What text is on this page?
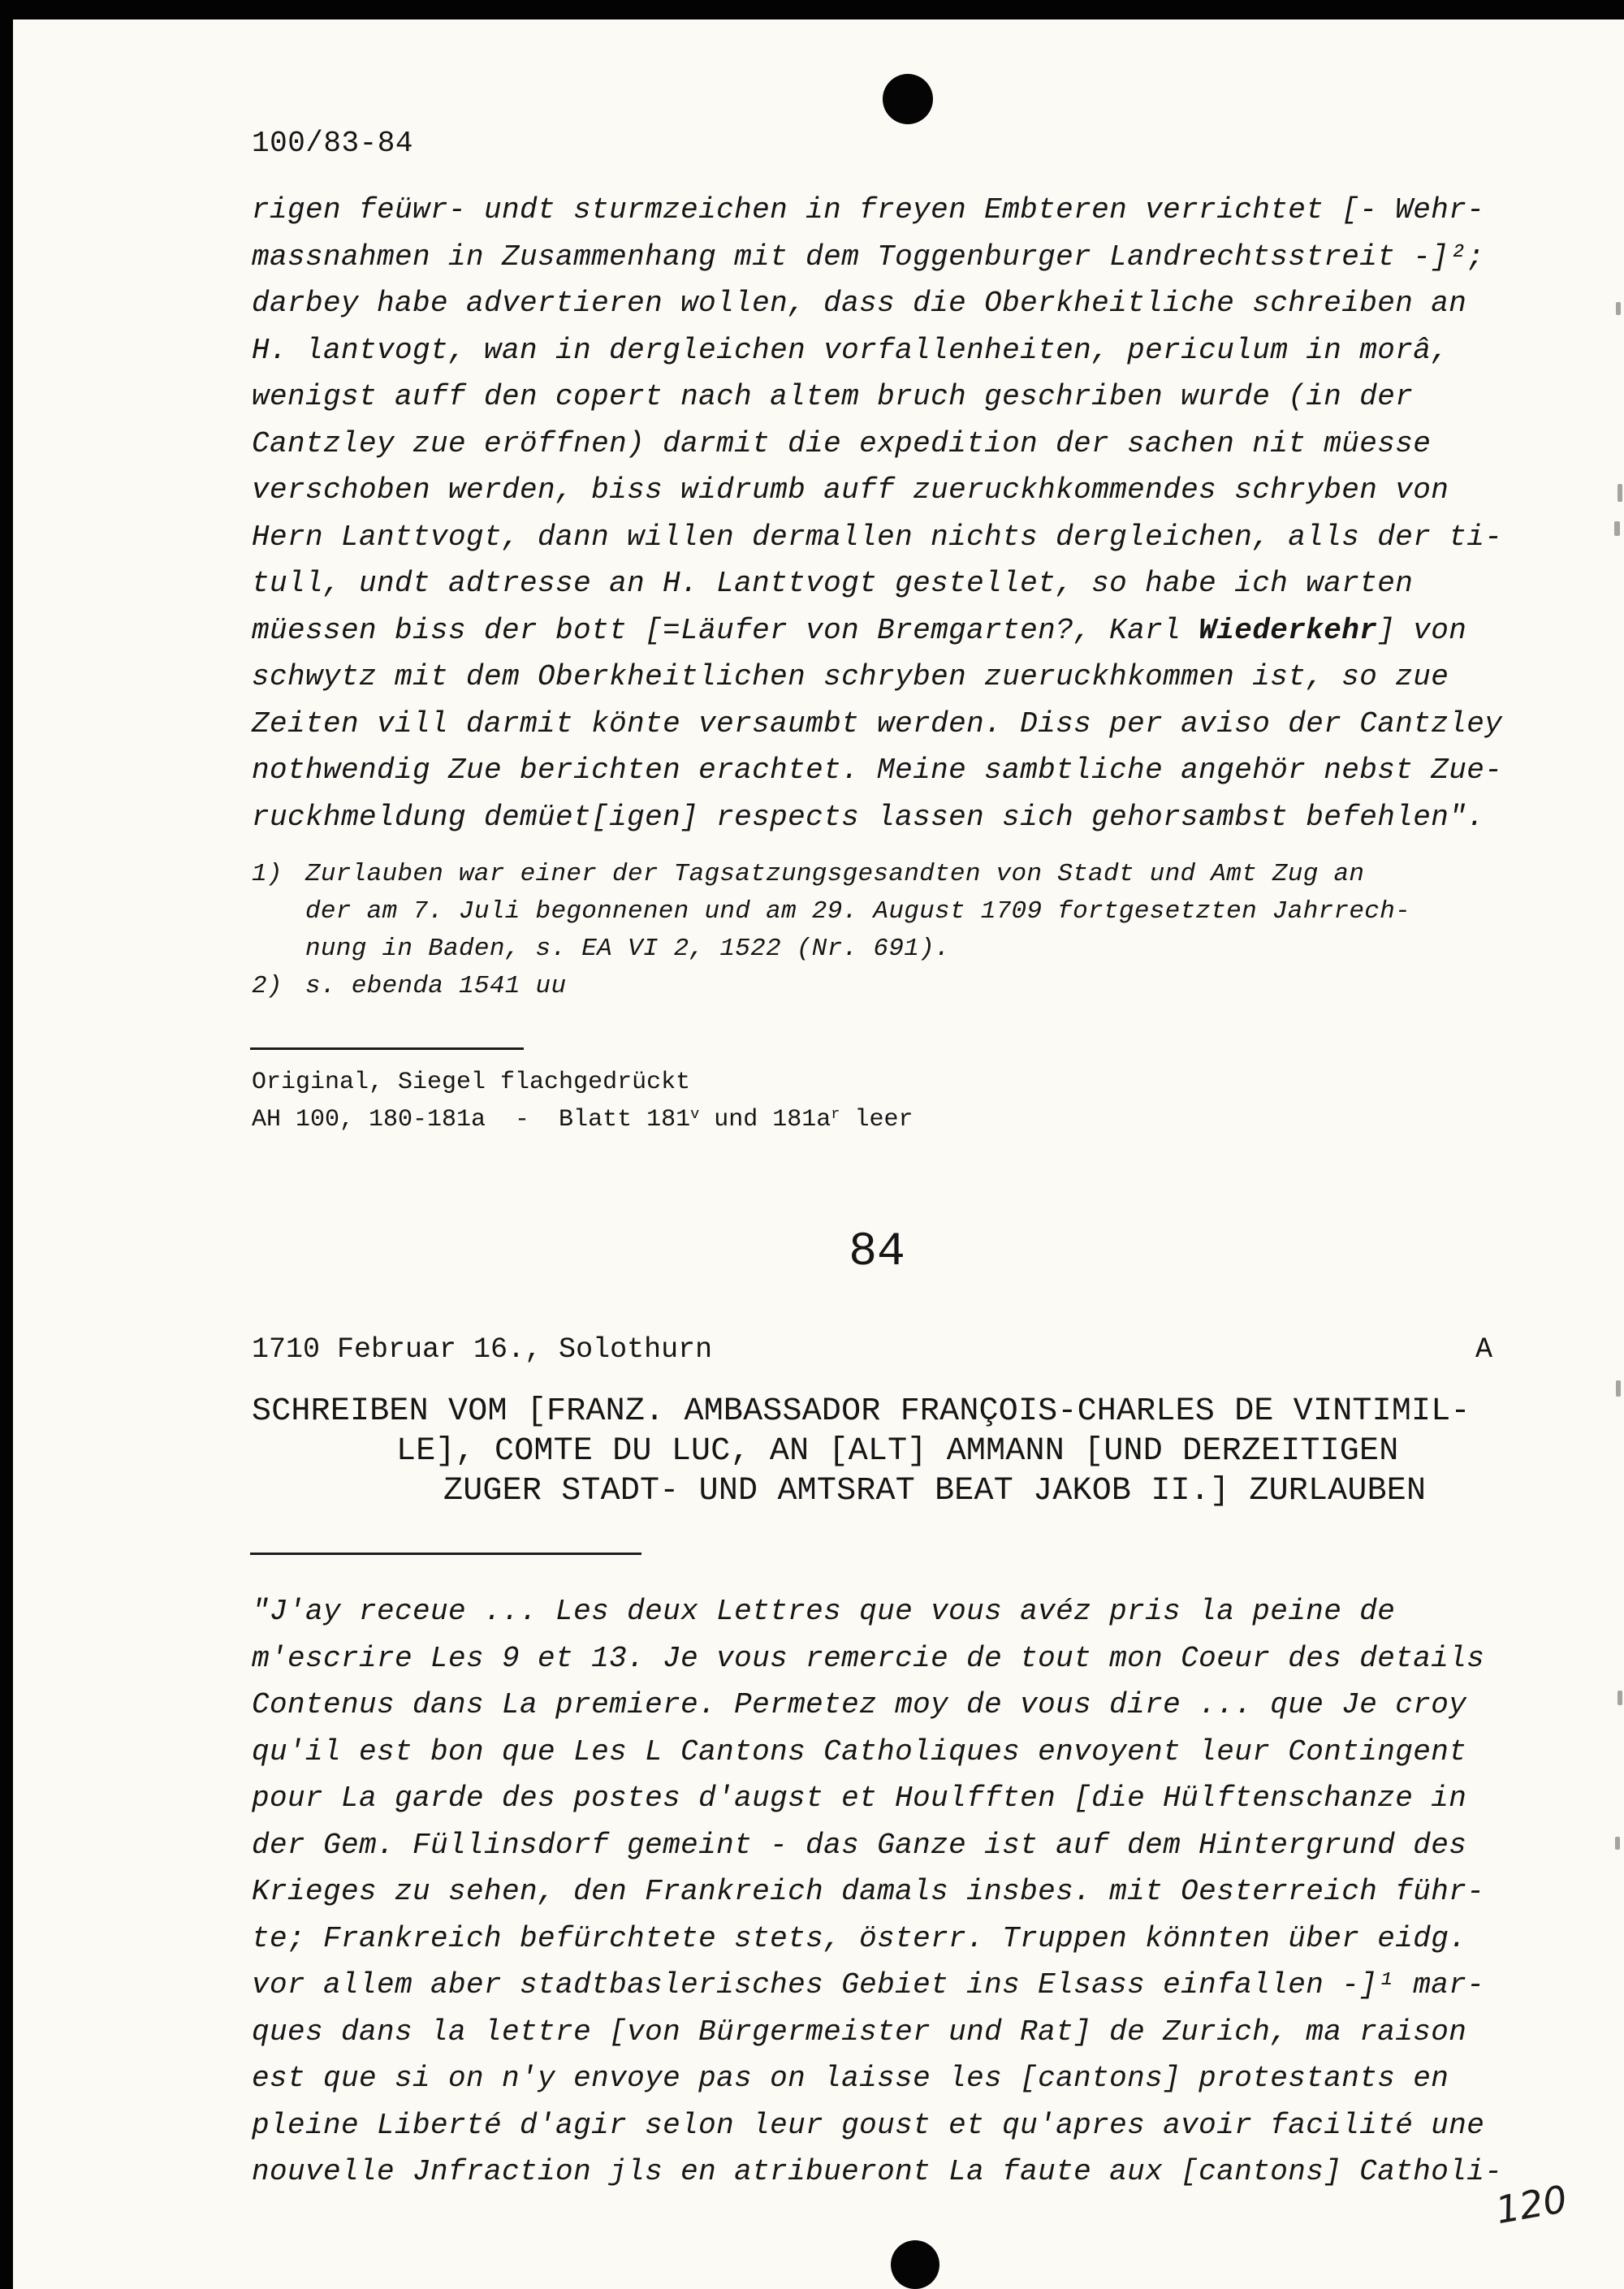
100/83-84
rigen feüwr- undt sturmzeichen in freyen Embteren verrichtet [- Wehr-
massnahmen in Zusammenhang mit dem Toggenburger Landrechtsstreit -]²;
darbey habe advertieren wollen, dass die Oberkheitliche schreiben an
H. lantvogt, wan in dergleichen vorfallenheiten, periculum in morâ,
wenigst auff den copert nach altem bruch geschriben wurde (in der
Cantzley zue eröffnen) darmit die expedition der sachen nit müesse
verschoben werden, biss widrumb auff zueruckhkommendes schryben von
Hern Lanttvogt, dann willen dermallen nichts dergleichen, alls der ti-
tull, undt adtresse an H. Lanttvogt gestellet, so habe ich warten
müessen biss der bott [=Läufer von Bremgarten?, Karl Wiederkehr] von
schwytz mit dem Oberkheitlichen schryben zueruckhkommen ist, so zue
Zeiten vill darmit könte versaumbt werden. Diss per aviso der Cantzley
nothwendig Zue berichten erachtet. Meine sambtliche angehör nebst Zue-
ruckhmeldung demüet[igen] respects lassen sich gehorsambst befehlen".
1) Zurlauben war einer der Tagsatzungsgesandten von Stadt und Amt Zug an
der am 7. Juli begonnenen und am 29. August 1709 fortgesetzten Jahrrech-
nung in Baden, s. EA VI 2, 1522 (Nr. 691).
2) s. ebenda 1541 uu
Original, Siegel flachgedrückt
AH 100, 180-181a  -  Blatt 181$^v$ und $181a^r$ leer
84
1710 Februar 16., Solothurn	A
SCHREIBEN VOM [FRANZ. AMBASSADOR FRANÇOIS-CHARLES DE VINTIMIL-
LE], COMTE DU LUC, AN [ALT] AMMANN [UND DERZEITIGEN
ZUGER STADT- UND AMTSRAT BEAT JAKOB II.] ZURLAUBEN
"J'ay receue ... Les deux Lettres que vous avéz pris la peine de
m'escrire Les 9 et 13. Je vous remercie de tout mon Coeur des details
Contenus dans La premiere. Permetez moy de vous dire ... que Je croy
qu'il est bon que Les L Cantons Catholiques envoyent leur Contingent
pour La garde des postes d'augst et Houlfften [die Hülftenschanze in
der Gem. Füllinsdorf gemeint - das Ganze ist auf dem Hintergrund des
Krieges zu sehen, den Frankreich damals insbes. mit Oesterreich führ-
te; Frankreich befürchtete stets, österr. Truppen könnten über eidg.
vor allem aber stadtbaslerisches Gebiet ins Elsass einfallen -]¹ mar-
ques dans la lettre [von Bürgermeister und Rat] de Zurich, ma raison
est que si on n'y envoye pas on laisse les [cantons] protestants en
pleine Liberté d'agir selon leur goust et qu'apres avoir facilité une
nouvelle Jnfraction jls en atribueront La faute aux [cantons] Catholi-
120
